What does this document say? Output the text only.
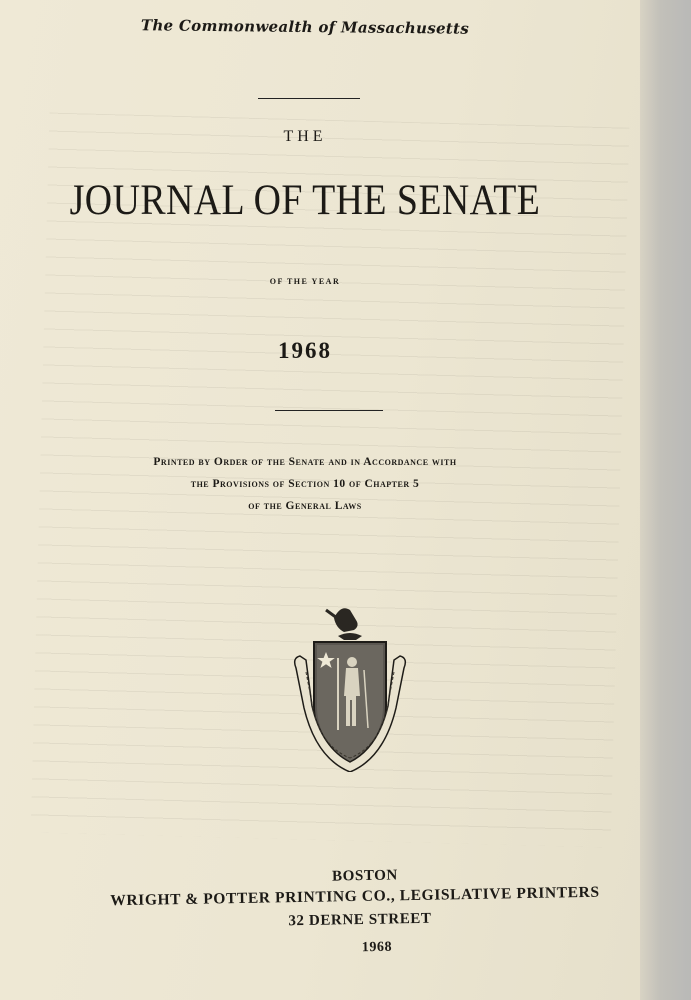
The Commonwealth of Massachusetts
THE
JOURNAL OF THE SENATE
OF THE YEAR
1968
Printed by Order of the Senate and in Accordance with
the Provisions of Section 10 of Chapter 5
of the General Laws
BOSTON
WRIGHT & POTTER PRINTING CO., LEGISLATIVE PRINTERS
32 DERNE STREET
1968
